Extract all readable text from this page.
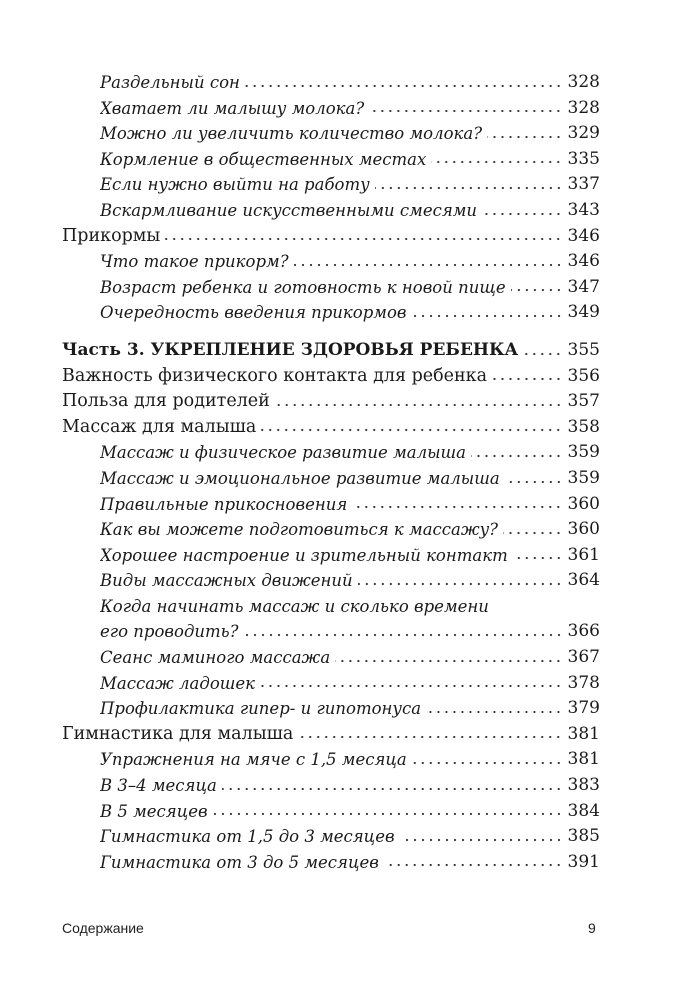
Раздельный сон	328
Хватает ли малышу молока?	328
Можно ли увеличить количество молока?	329
Кормление в общественных местах	335
Если нужно выйти на работу	337
Вскармливание искусственными смесями	343
Прикормы	346
Что такое прикорм?	346
Возраст ребенка и готовность к новой пище	347
Очередность введения прикормов	349
Часть 3. УКРЕПЛЕНИЕ ЗДОРОВЬЯ РЕБЕНКА	355
Важность физического контакта для ребенка	356
Польза для родителей	357
Массаж для малыша	358
Массаж и физическое развитие малыша	359
Массаж и эмоциональное развитие малыша	359
Правильные прикосновения	360
Как вы можете подготовиться к массажу?	360
Хорошее настроение и зрительный контакт	361
Виды массажных движений	364
Когда начинать массаж и сколько времени
его проводить?	366
Сеанс маминого массажа	367
Массаж ладошек	378
Профилактика гипер- и гипотонуса	379
Гимнастика для малыша	381
Упражнения на мяче с 1,5 месяца	381
В 3–4 месяца	383
В 5 месяцев	384
Гимнастика от 1,5 до 3 месяцев	385
Гимнастика от 3 до 5 месяцев	391
Содержание	9
